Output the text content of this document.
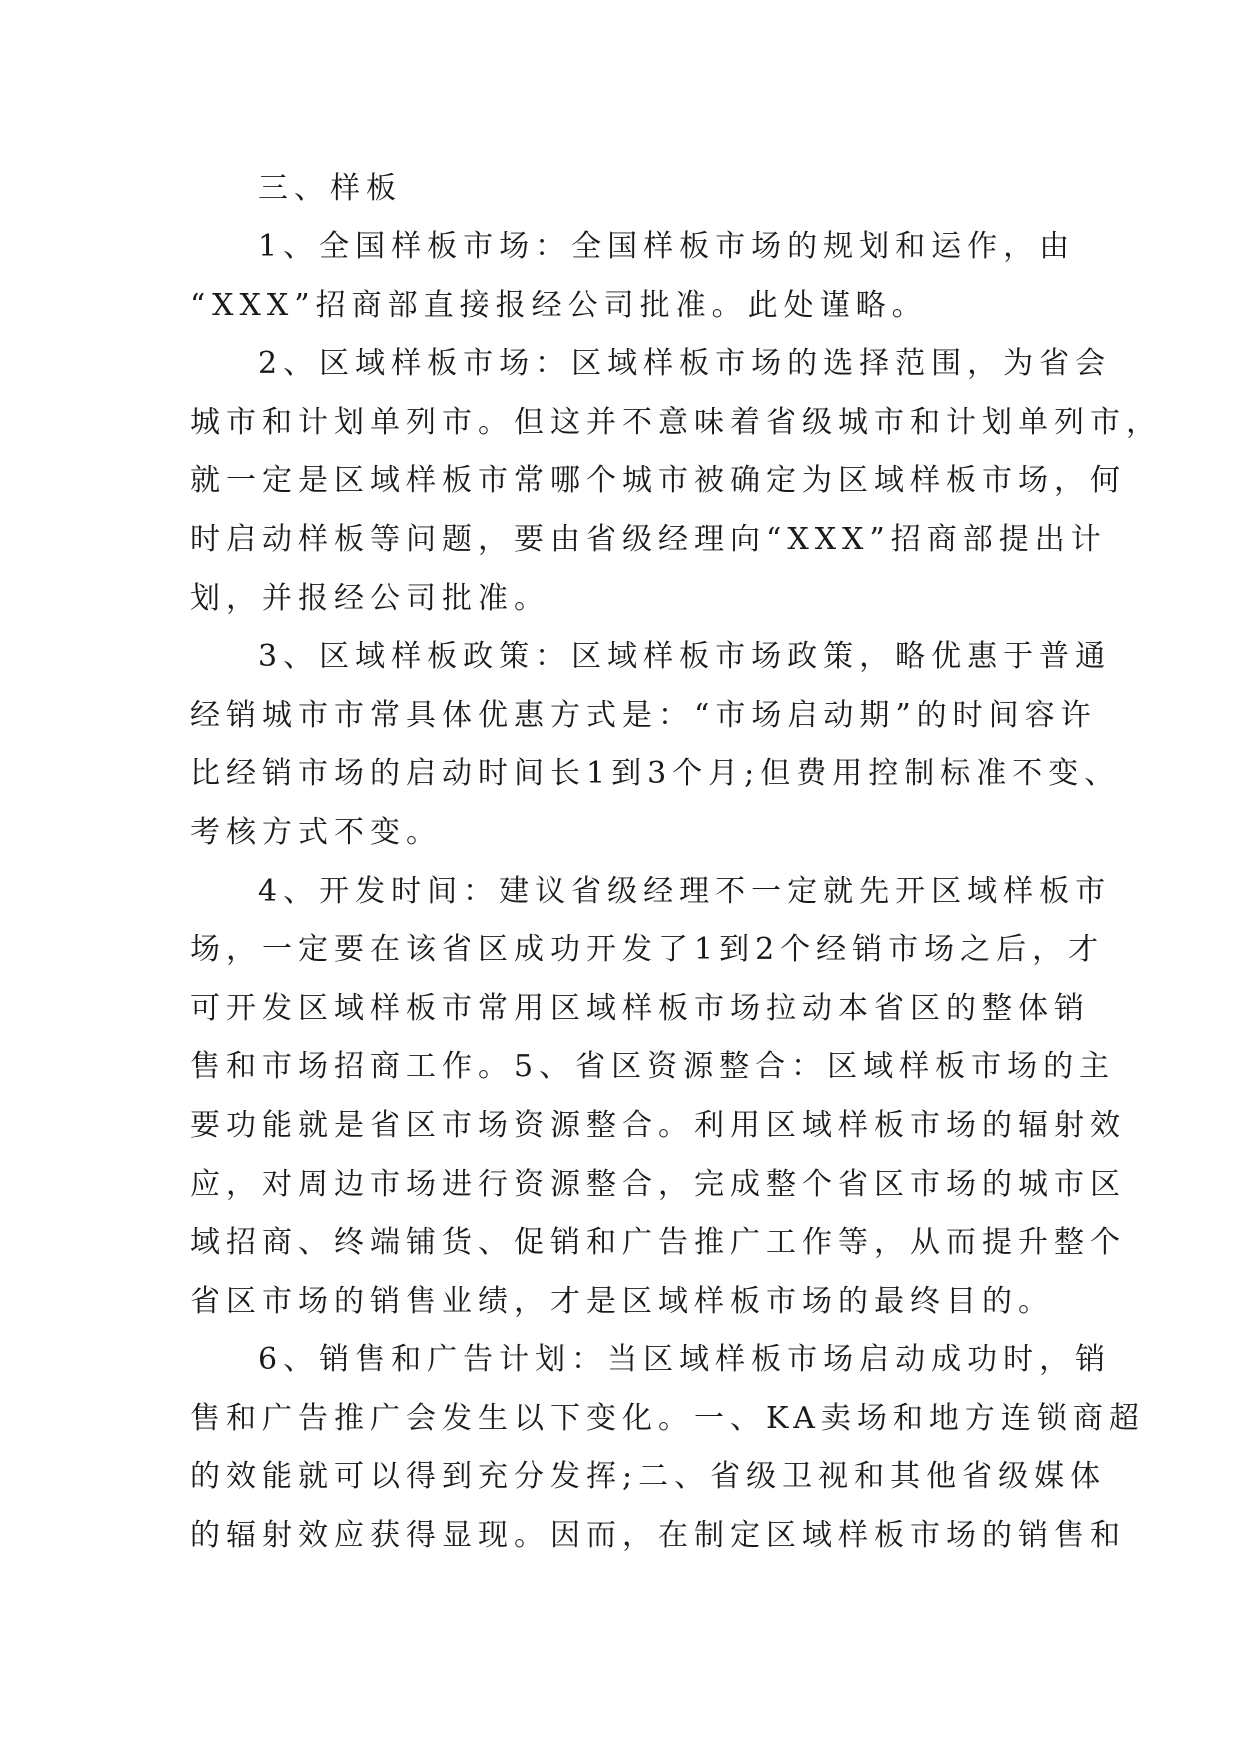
三、样板
1、全国样板市场：全国样板市场的规划和运作，由
“XXX”招商部直接报经公司批准。此处谨略。
2、区域样板市场：区域样板市场的选择范围，为省会
城市和计划单列市。但这并不意味着省级城市和计划单列市，
就一定是区域样板市常哪个城市被确定为区域样板市场，何
时启动样板等问题，要由省级经理向“XXX”招商部提出计
划，并报经公司批准。
3、区域样板政策：区域样板市场政策，略优惠于普通
经销城市市常具体优惠方式是：“市场启动期”的时间容许
比经销市场的启动时间长1到3个月;但费用控制标准不变、
考核方式不变。
4、开发时间：建议省级经理不一定就先开区域样板市
场，一定要在该省区成功开发了1到2个经销市场之后，才
可开发区域样板市常用区域样板市场拉动本省区的整体销
售和市场招商工作。5、省区资源整合：区域样板市场的主
要功能就是省区市场资源整合。利用区域样板市场的辐射效
应，对周边市场进行资源整合，完成整个省区市场的城市区
域招商、终端铺货、促销和广告推广工作等，从而提升整个
省区市场的销售业绩，才是区域样板市场的最终目的。
6、销售和广告计划：当区域样板市场启动成功时，销
售和广告推广会发生以下变化。一、KA卖场和地方连锁商超
的效能就可以得到充分发挥;二、省级卫视和其他省级媒体
的辐射效应获得显现。因而，在制定区域样板市场的销售和
